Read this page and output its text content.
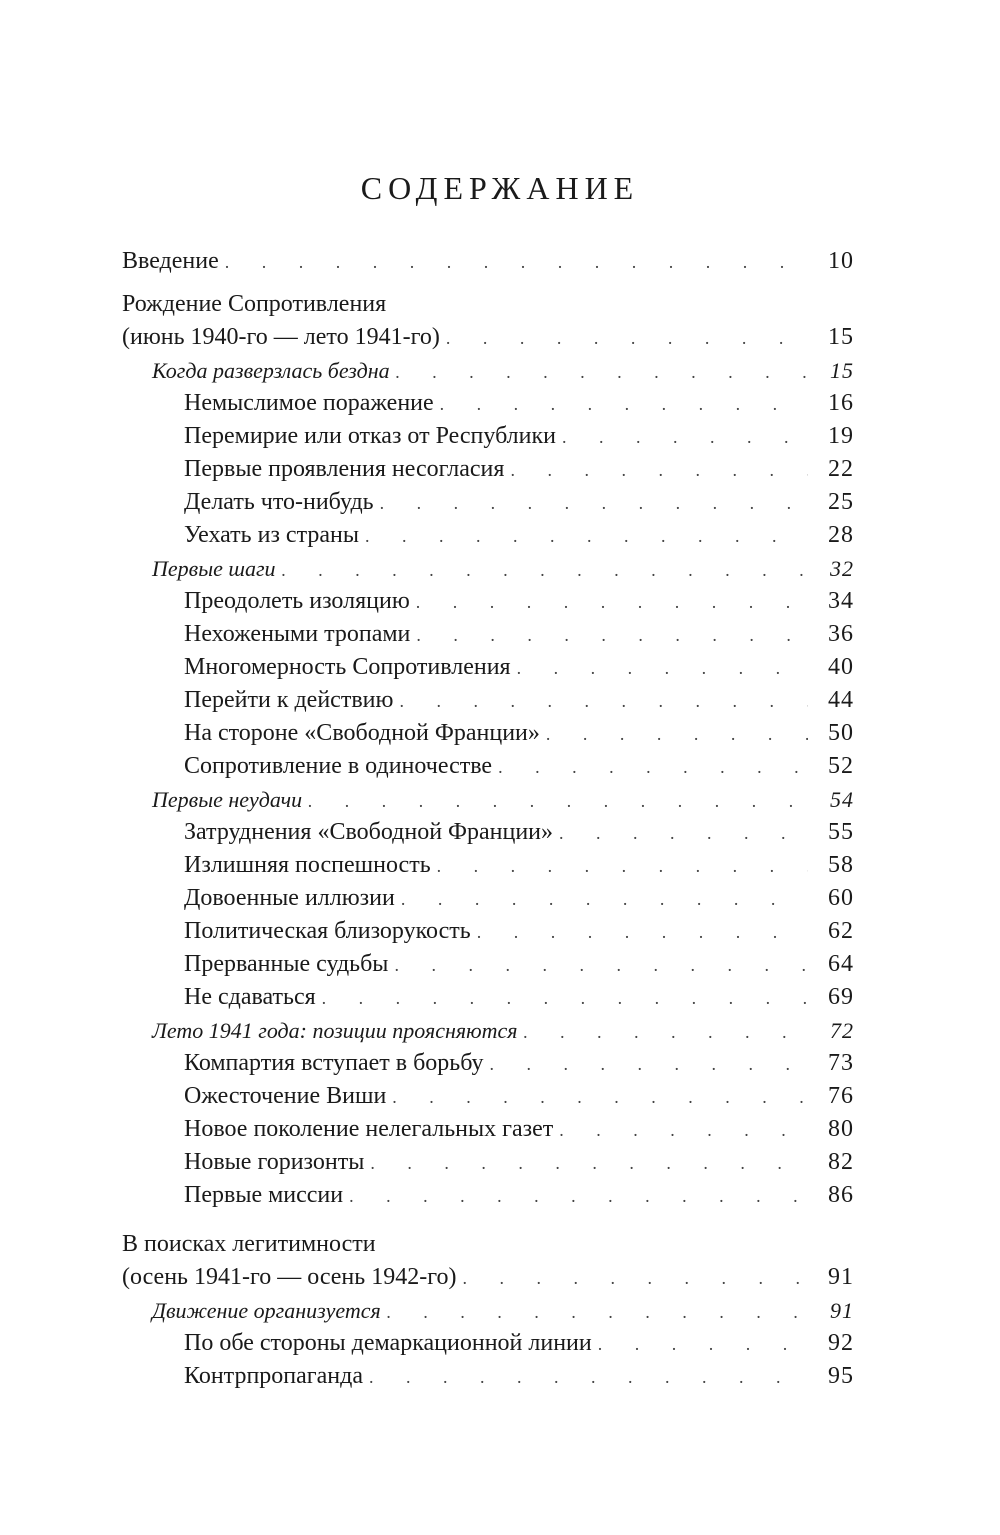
СОДЕРЖАНИЕ
Введение . . .	10
Рождение Сопротивления
(июнь 1940-го — лето 1941-го) . . .	15
Когда разверзлась бездна . . .	15
Немыслимое поражение . . .	16
Перемирие или отказ от Республики . . .	19
Первые проявления несогласия . . .	22
Делать что-нибудь . . .	25
Уехать из страны . . .	28
Первые шаги . . .	32
Преодолеть изоляцию . . .	34
Нехожеными тропами . . .	36
Многомерность Сопротивления . . .	40
Перейти к действию . . .	44
На стороне «Свободной Франции» . . .	50
Сопротивление в одиночестве . . .	52
Первые неудачи . . .	54
Затруднения «Свободной Франции» . . .	55
Излишняя поспешность . . .	58
Довоенные иллюзии . . .	60
Политическая близорукость . . .	62
Прерванные судьбы . . .	64
Не сдаваться . . .	69
Лето 1941 года: позиции проясняются . . .	72
Компартия вступает в борьбу . . .	73
Ожесточение Виши . . .	76
Новое поколение нелегальных газет . . .	80
Новые горизонты . . .	82
Первые миссии . . .	86
В поисках легитимности
(осень 1941-го — осень 1942-го) . . .	91
Движение организуется . . .	91
По обе стороны демаркационной линии . . .	92
Контрпропаганда . . .	95
